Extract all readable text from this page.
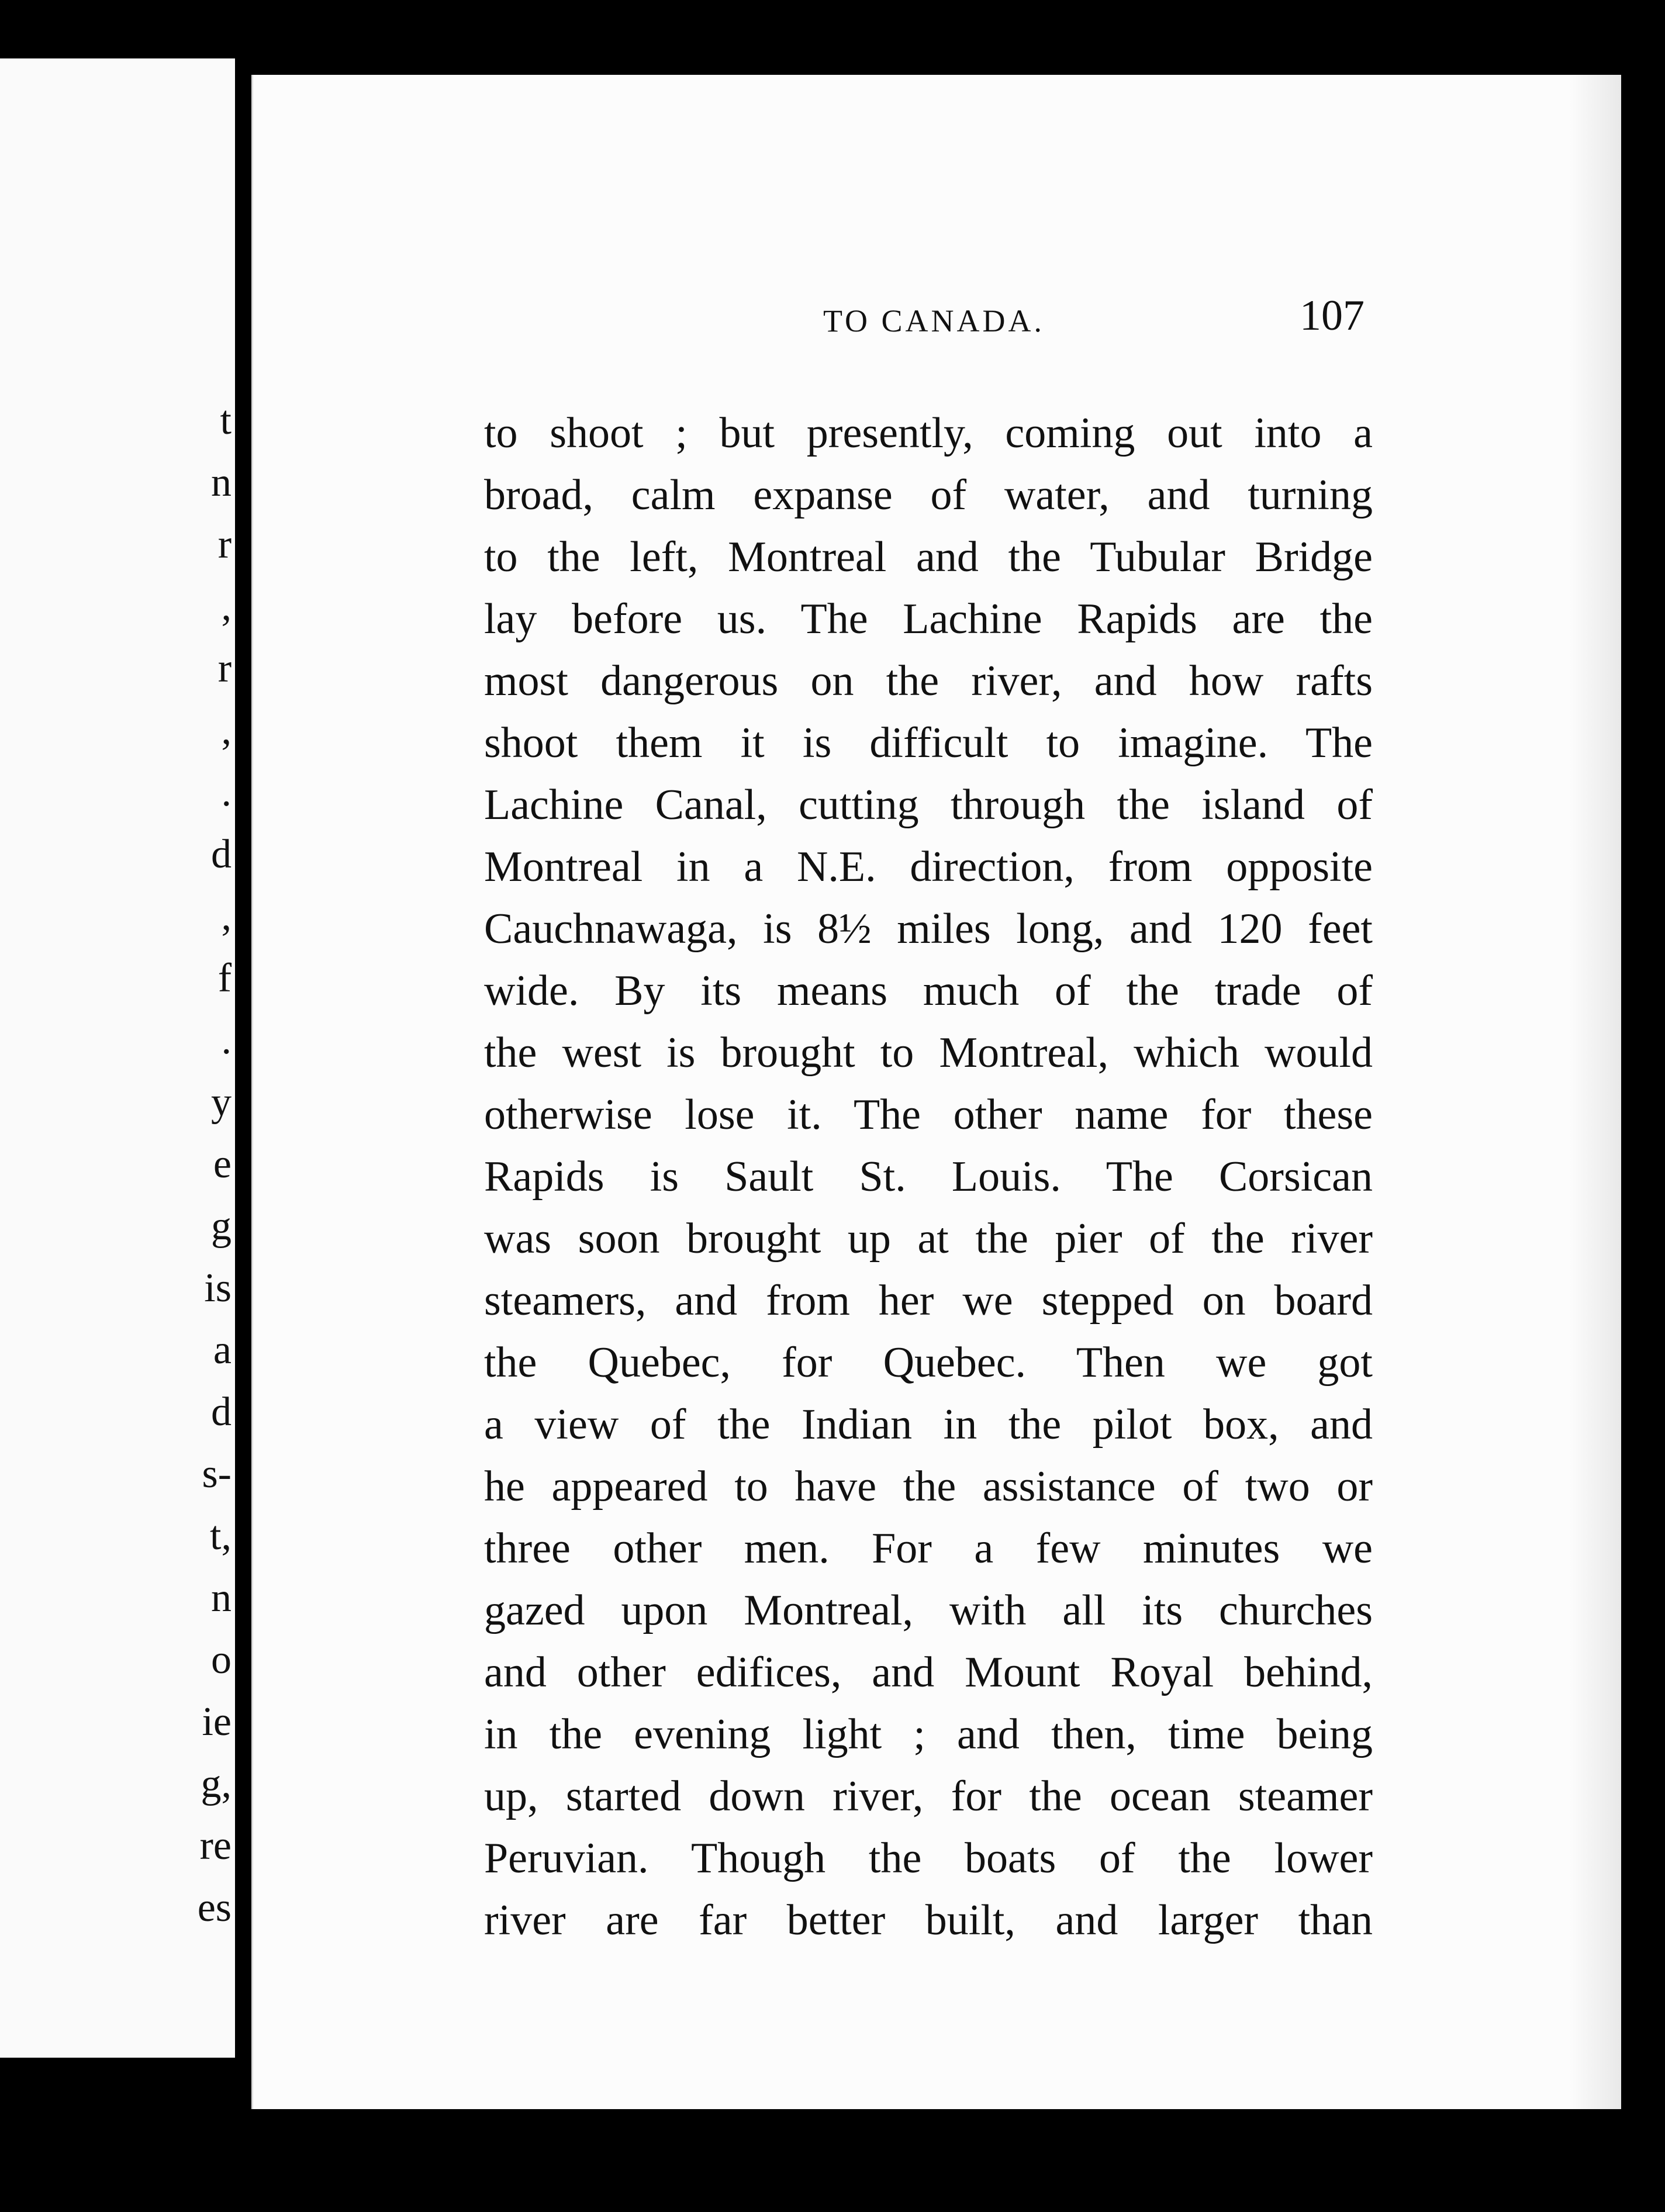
t
n
r
,
r
,
.
d
,
f
.
y
e
g
is
a
d
s-
t,
n
o
ie
g,
re
es
TO CANADA.	107
to shoot ; but presently, coming out into a
broad, calm expanse of water, and turning
to the left, Montreal and the Tubular Bridge
lay before us. The Lachine Rapids are the
most dangerous on the river, and how rafts
shoot them it is difficult to imagine. The
Lachine Canal, cutting through the island of
Montreal in a N.E. direction, from opposite
Cauchnawaga, is 8½ miles long, and 120 feet
wide. By its means much of the trade of
the west is brought to Montreal, which would
otherwise lose it. The other name for these
Rapids is Sault St. Louis. The Corsican
was soon brought up at the pier of the river
steamers, and from her we stepped on board
the Quebec, for Quebec. Then we got
a view of the Indian in the pilot box, and
he appeared to have the assistance of two or
three other men. For a few minutes we
gazed upon Montreal, with all its churches
and other edifices, and Mount Royal behind,
in the evening light ; and then, time being
up, started down river, for the ocean steamer
Peruvian. Though the boats of the lower
river are far better built, and larger than
